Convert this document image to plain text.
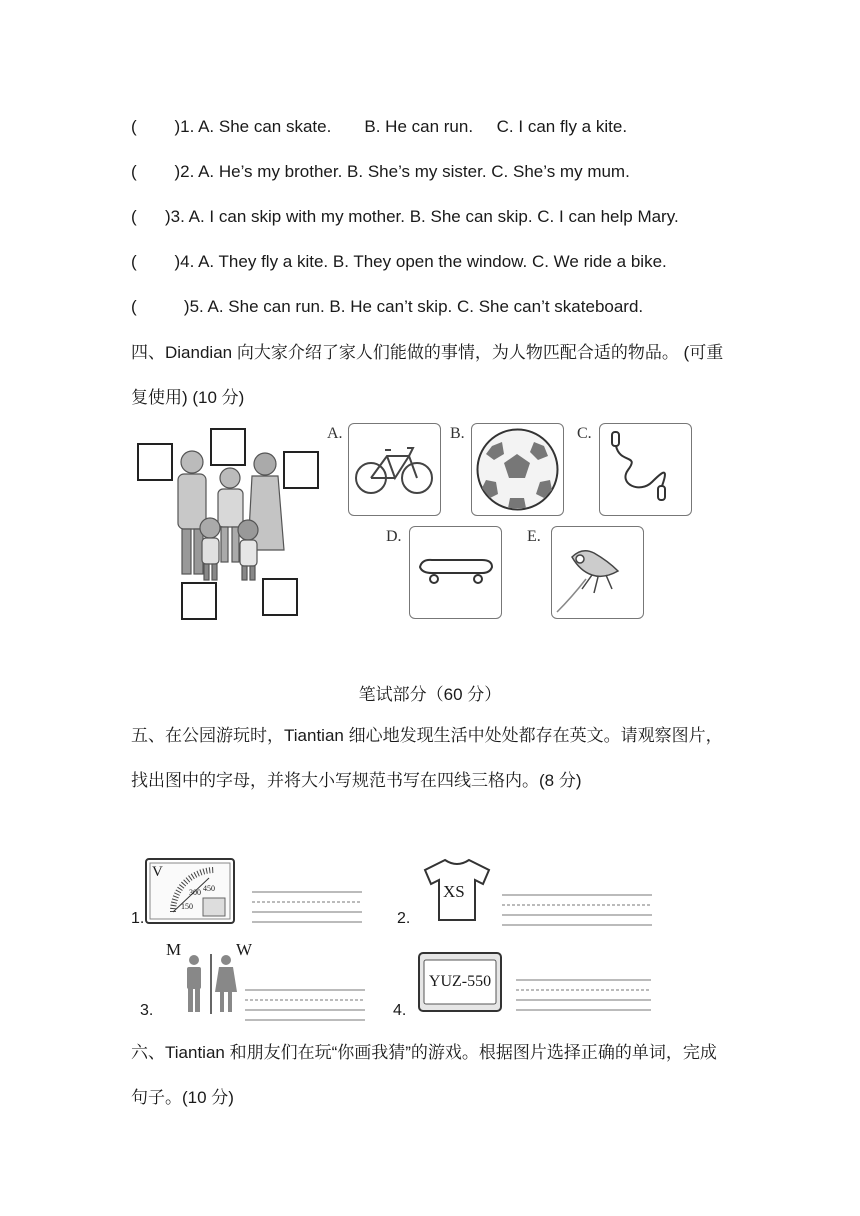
(        )1. A. She can skate.       B. He can run.     C. I can fly a kite.
(        )2. A. He’s my brother. B. She’s my sister. C. She’s my mum.
(      )3. A. I can skip with my mother. B. She can skip. C. I can help Mary.
(        )4. A. They fly a kite. B. They open the window. C. We ride a bike.
(          )5. A. She can run. B. He can’t skip. C. She can’t skateboard.
四、Diandian 向大家介绍了家人们能做的事情，为人物匹配合适的物品。 (可重复使用) (10 分)
A.	B.	C.
D.	E.
笔试部分（60 分）
五、在公园游玩时，Tiantian 细心地发现生活中处处都存在英文。请观察图片，找出图中的字母，并将大小写规范书写在四线三格内。(8 分)
1.
V
150
300 450
2.
XS
3.
M	W
4.
YUZ-550
六、Tiantian 和朋友们在玩“你画我猜”的游戏。根据图片选择正确的单词，完成句子。(10 分)
